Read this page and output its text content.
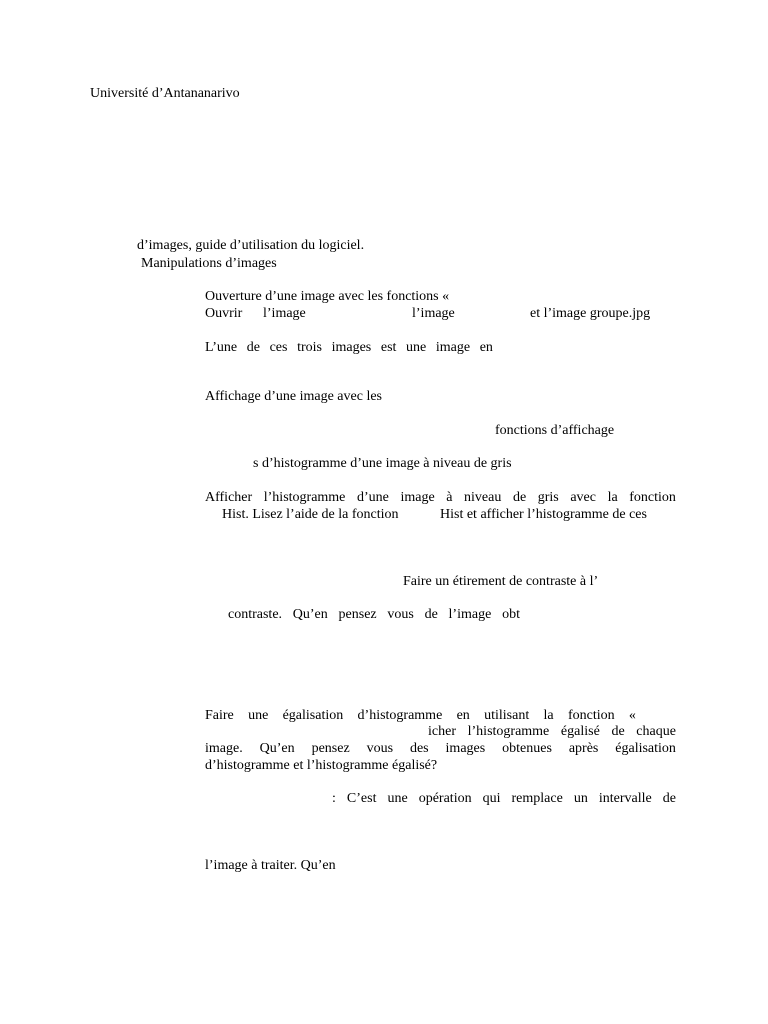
Université d’Antananarivo
d’images, guide d’utilisation du logiciel.
Manipulations d’images
Ouverture d’une image avec les fonctions «
Ouvrir l’image	l’image	et l’image groupe.jpg
L’une de ces trois images est une image en
Affichage d’une image avec les
fonctions d’affichage
s d’histogramme d’une image à niveau de gris
Afficher l’histogramme d’une image à niveau de gris avec la fonction
Hist. Lisez l’aide de la fonction	Hist et afficher l’histogramme de ces
Faire un étirement de contraste à l’
contraste. Qu’en pensez vous de l’image obt
Faire une égalisation d’histogramme en utilisant la fonction «
icher l’histogramme égalisé de chaque
image. Qu’en pensez vous des images obtenues après égalisation
d’histogramme et l’histogramme égalisé?
: C’est une opération qui remplace un intervalle de
l’image à traiter. Qu’en
